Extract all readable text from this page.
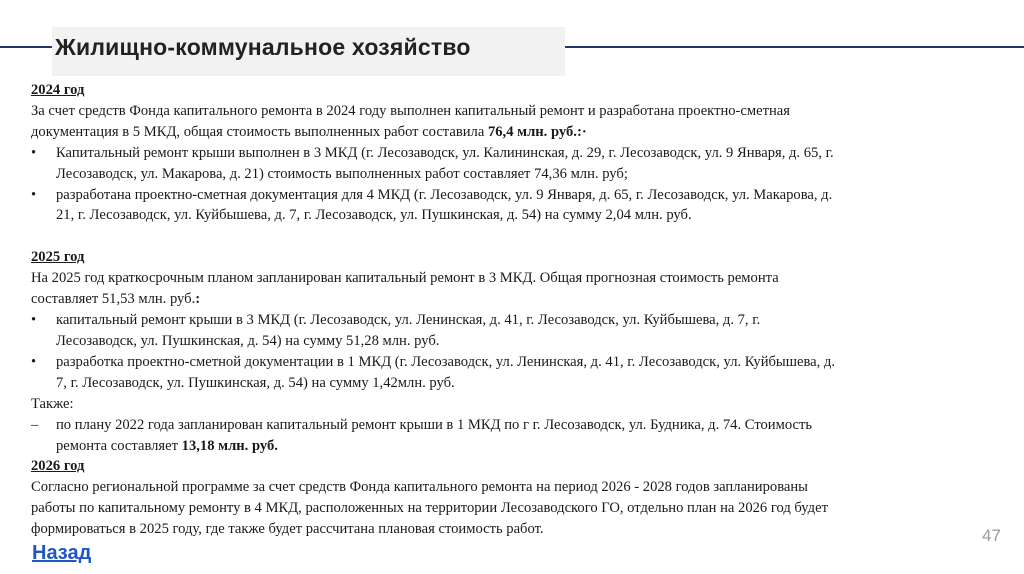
Жилищно-коммунальное хозяйство
2024 год
За счет средств Фонда капитального ремонта в 2024 году выполнен капитальный ремонт и разработана проектно-сметная
документация в 5 МКД, общая стоимость выполненных работ составила 76,4 млн. руб.:·
• Капитальный ремонт крыши выполнен в 3 МКД (г. Лесозаводск, ул. Калининская, д. 29, г. Лесозаводск, ул. 9 Января, д. 65, г.
Лесозаводск, ул. Макарова, д. 21) стоимость выполненных работ составляет 74,36 млн. руб;
• разработана проектно-сметная документация для 4 МКД (г. Лесозаводск, ул. 9 Января, д. 65, г. Лесозаводск, ул. Макарова, д.
21, г. Лесозаводск, ул. Куйбышева, д. 7, г. Лесозаводск, ул. Пушкинская, д. 54) на сумму 2,04 млн. руб.
2025 год
На 2025 год краткосрочным планом запланирован капитальный ремонт в 3 МКД. Общая прогнозная стоимость ремонта
составляет 51,53 млн. руб.:
• капитальный ремонт крыши в 3 МКД (г. Лесозаводск, ул. Ленинская, д. 41, г. Лесозаводск, ул. Куйбышева, д. 7, г.
Лесозаводск, ул. Пушкинская, д. 54) на сумму 51,28 млн. руб.
• разработка проектно-сметной документации в 1 МКД (г. Лесозаводск, ул. Ленинская, д. 41, г. Лесозаводск, ул. Куйбышева, д.
7, г. Лесозаводск, ул. Пушкинская, д. 54) на сумму 1,42млн. руб.
Также:
– по плану 2022 года запланирован капитальный ремонт крыши в 1 МКД по г г. Лесозаводск, ул. Будника, д. 74. Стоимость
ремонта составляет 13,18 млн. руб.
2026 год
Согласно региональной программе за счет средств Фонда капитального ремонта на период 2026 - 2028 годов запланированы
работы по капитальному ремонту в 4 МКД, расположенных на территории Лесозаводского ГО, отдельно план на 2026 год будет
формироваться в 2025 году, где также будет рассчитана плановая стоимость работ.	47
Назад
